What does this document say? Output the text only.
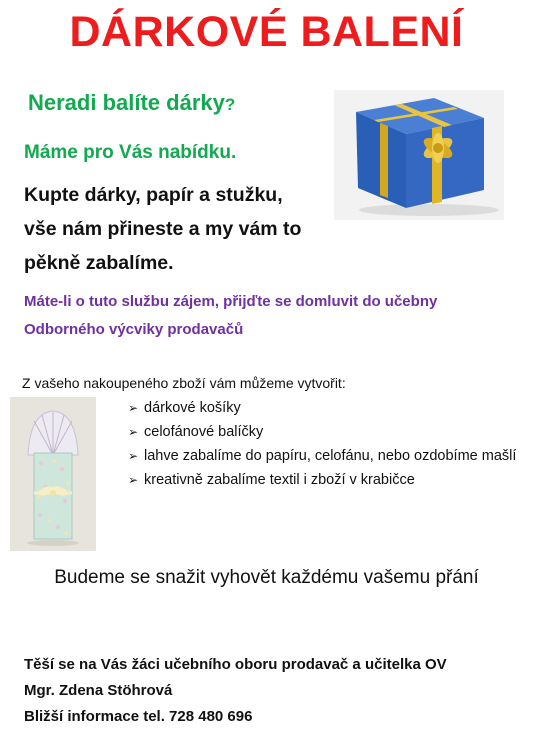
DÁRKOVÉ BALENÍ
Neradi balíte dárky?
Máme pro Vás nabídku.
Kupte dárky, papír a stužku,
vše nám přineste a my vám to
pěkně zabalíme.
Máte-li o tuto službu zájem, přijďte se domluvit do učebny
Odborného výcviky prodavačů
Z vašeho nakoupeného zboží vám můžeme vytvořit:
➢ dárkové košíky
➢ celofánové balíčky
➢ lahve zabalíme do papíru, celofánu, nebo ozdobíme mašlí
➢ kreativně zabalíme textil i zboží v krabičce
Budeme se snažit vyhovět každému vašemu přání
Těší se na Vás žáci učebního oboru prodavač a učitelka OV
Mgr. Zdena Stöhrová
Bližší informace tel. 728 480 696
